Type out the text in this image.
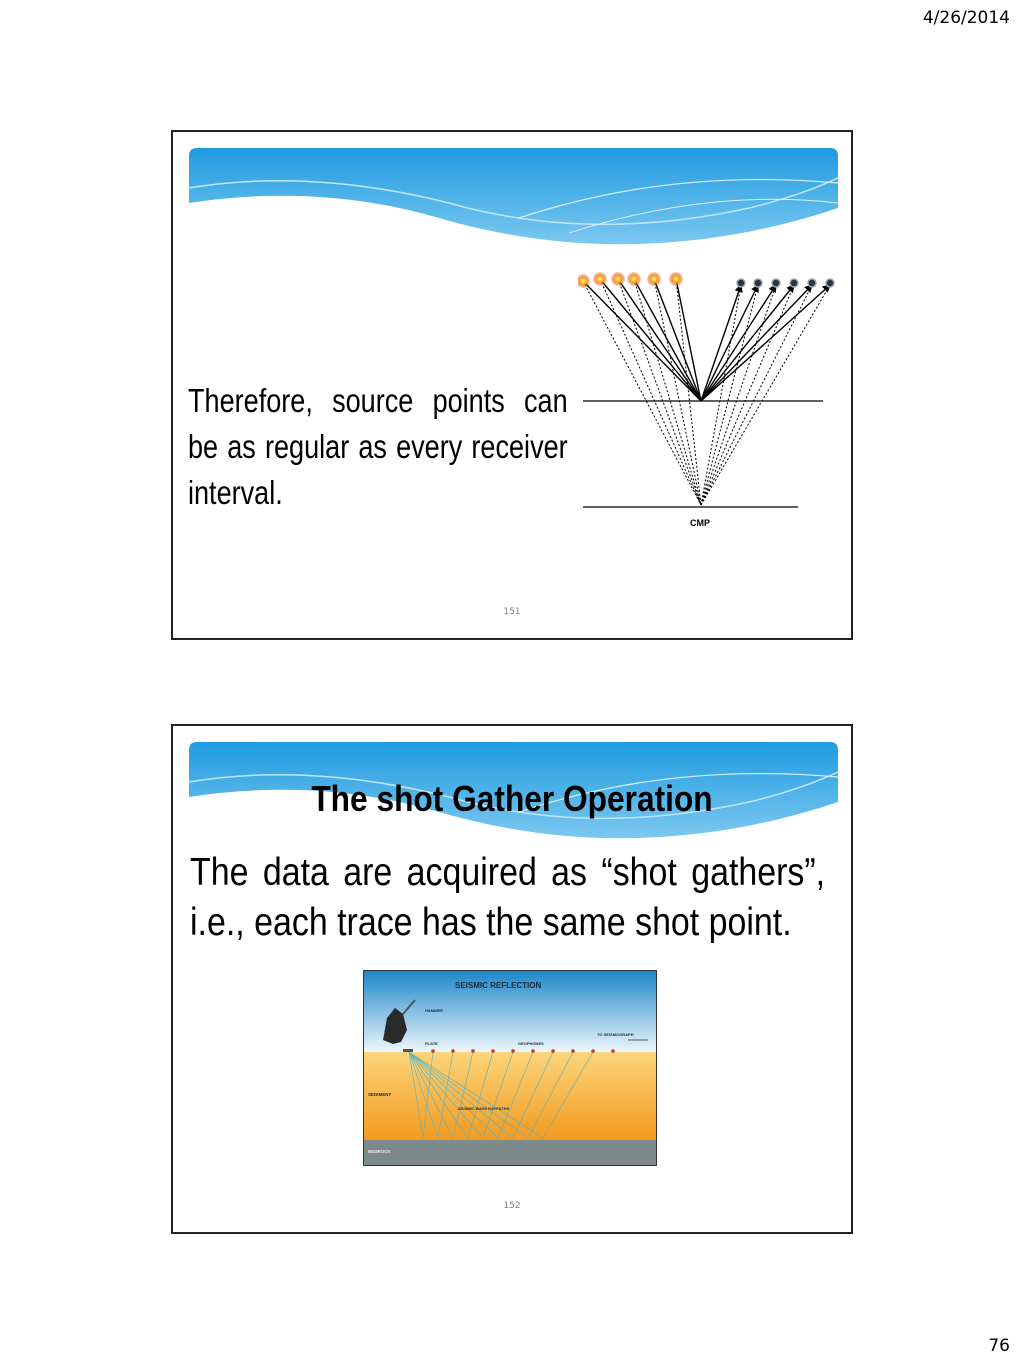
4/26/2014
Therefore, source points can be as regular as every receiver interval.
CMP
151
The shot Gather Operation
The data are acquired as “shot gathers”, i.e., each trace has the same shot point.
SEISMIC REFLECTION
HAMMER
PLATE	GEOPHONES
TO SEISMOGRAPH
SEDIMENT
SEISMIC WAVE RAYPATHS
BEDROCK
152
76
